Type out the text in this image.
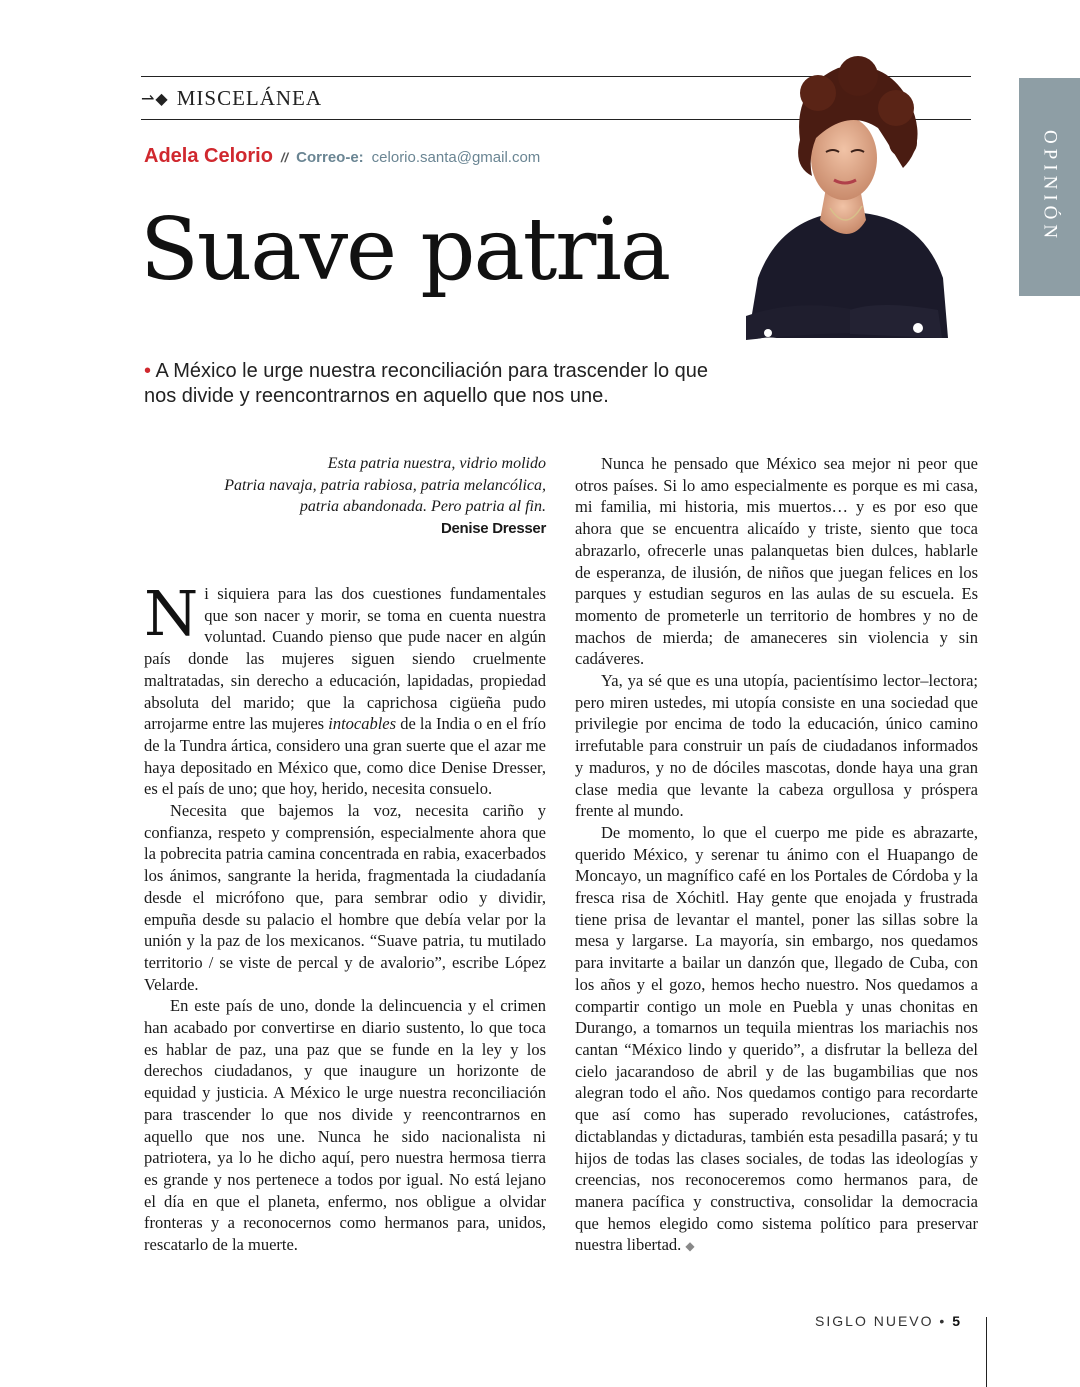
⇀◆ MISCELÁNEA
Adela Celorio // Correo-e: celorio.santa@gmail.com
Suave patria
OPINIÓN
• A México le urge nuestra reconciliación para trascender lo que nos divide y reencontrarnos en aquello que nos une.
Esta patria nuestra, vidrio molido
Patria navaja, patria rabiosa, patria melancólica,
patria abandonada. Pero patria al fin.
Denise Dresser

Ni siquiera para las dos cuestiones fundamentales que son nacer y morir, se toma en cuenta nuestra voluntad. Cuando pienso que pude nacer en algún país donde las mujeres siguen siendo cruelmente maltratadas, sin derecho a educación, lapidadas, propiedad absoluta del marido; que la caprichosa cigüeña pudo arrojarme entre las mujeres intocables de la India o en el frío de la Tundra ártica, considero una gran suerte que el azar me haya depositado en México que, como dice Denise Dresser, es el país de uno; que hoy, herido, necesita consuelo.

Necesita que bajemos la voz, necesita cariño y confianza, respeto y comprensión, especialmente ahora que la pobrecita patria camina concentrada en rabia, exacerbados los ánimos, sangrante la herida, fragmentada la ciudadanía desde el micrófono que, para sembrar odio y dividir, empuña desde su palacio el hombre que debía velar por la unión y la paz de los mexicanos. “Suave patria, tu mutilado territorio / se viste de percal y de avalorio”, escribe López Velarde.

En este país de uno, donde la delincuencia y el crimen han acabado por convertirse en diario sustento, lo que toca es hablar de paz, una paz que se funde en la ley y los derechos ciudadanos, y que inaugure un horizonte de equidad y justicia. A México le urge nuestra reconciliación para trascender lo que nos divide y reencontrarnos en aquello que nos une. Nunca he sido nacionalista ni patriotera, ya lo he dicho aquí, pero nuestra hermosa tierra es grande y nos pertenece a todos por igual. No está lejano el día en que el planeta, enfermo, nos obligue a olvidar fronteras y a reconocernos como hermanos para, unidos, rescatarlo de la muerte.

Nunca he pensado que México sea mejor ni peor que otros países. Si lo amo especialmente es porque es mi casa, mi familia, mi historia, mis muertos… y es por eso que ahora que se encuentra alicaído y triste, siento que toca abrazarlo, ofrecerle unas palanquetas bien dulces, hablarle de esperanza, de ilusión, de niños que juegan felices en los parques y estudian seguros en las aulas de su escuela. Es momento de prometerle un territorio de hombres y no de machos de mierda; de amaneceres sin violencia y sin cadáveres.

Ya, ya sé que es una utopía, pacientísimo lector–lectora; pero miren ustedes, mi utopía consiste en una sociedad que privilegie por encima de todo la educación, único camino irrefutable para construir un país de ciudadanos informados y maduros, y no de dóciles mascotas, donde haya una gran clase media que levante la cabeza orgullosa y próspera frente al mundo.

De momento, lo que el cuerpo me pide es abrazarte, querido México, y serenar tu ánimo con el Huapango de Moncayo, un magnífico café en los Portales de Córdoba y la fresca risa de Xóchitl. Hay gente que enojada y frustrada tiene prisa de levantar el mantel, poner las sillas sobre la mesa y largarse. La mayoría, sin embargo, nos quedamos para invitarte a bailar un danzón que, llegado de Cuba, con los años y el gozo, hemos hecho nuestro. Nos quedamos a compartir contigo un mole en Puebla y unas chonitas en Durango, a tomarnos un tequila mientras los mariachis nos cantan “México lindo y querido”, a disfrutar la belleza del cielo jacarandoso de abril y de las bugambilias que nos alegran todo el año. Nos quedamos contigo para recordarte que así como has superado revoluciones, catástrofes, dictablandas y dictaduras, también esta pesadilla pasará; y tu hijos de todas las clases sociales, de todas las ideologías y creencias, nos reconoceremos como hermanos para, de manera pacífica y constructiva, consolidar la democracia que hemos elegido como sistema político para preservar nuestra libertad. ◆

SIGLO NUEVO • 5
